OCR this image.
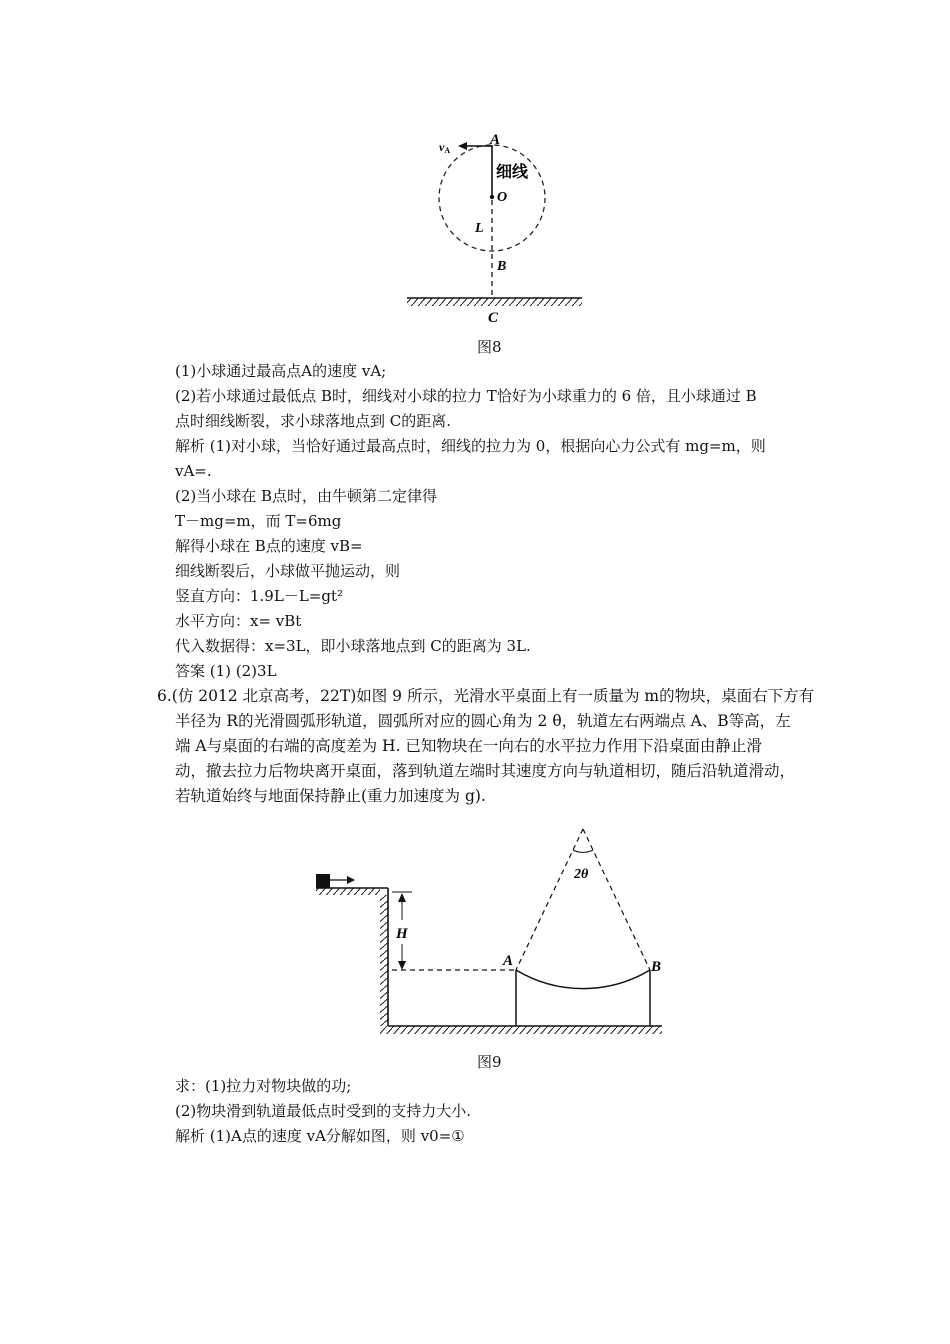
vA
A
细线
O
L
B
C
图8
(1)小球通过最高点A的速度 vA;
(2)若小球通过最低点 B时，细线对小球的拉力 T恰好为小球重力的 6 倍，且小球通过 B
点时细线断裂，求小球落地点到 C的距离.
解析 (1)对小球，当恰好通过最高点时，细线的拉力为 0，根据向心力公式有 mg=m，则
vA=.
(2)当小球在 B点时，由牛顿第二定律得
T－mg=m，而 T=6mg
解得小球在 B点的速度 vB=
细线断裂后，小球做平抛运动，则
竖直方向：1.9L－L=gt²
水平方向：x= vBt
代入数据得：x=3L，即小球落地点到 C的距离为 3L.
答案 (1) (2)3L
6.(仿 2012 北京高考，22T)如图 9 所示，光滑水平桌面上有一质量为 m的物块，桌面右下方有
半径为 R的光滑圆弧形轨道，圆弧所对应的圆心角为 2 θ，轨道左右两端点 A、B等高，左
端 A与桌面的右端的高度差为 H. 已知物块在一向右的水平拉力作用下沿桌面由静止滑
动，撤去拉力后物块离开桌面，落到轨道左端时其速度方向与轨道相切，随后沿轨道滑动，
若轨道始终与地面保持静止(重力加速度为 g).
2θ
H
A	B
图9
求：(1)拉力对物块做的功;
(2)物块滑到轨道最低点时受到的支持力大小.
解析 (1)A点的速度 vA分解如图，则 v0=①
